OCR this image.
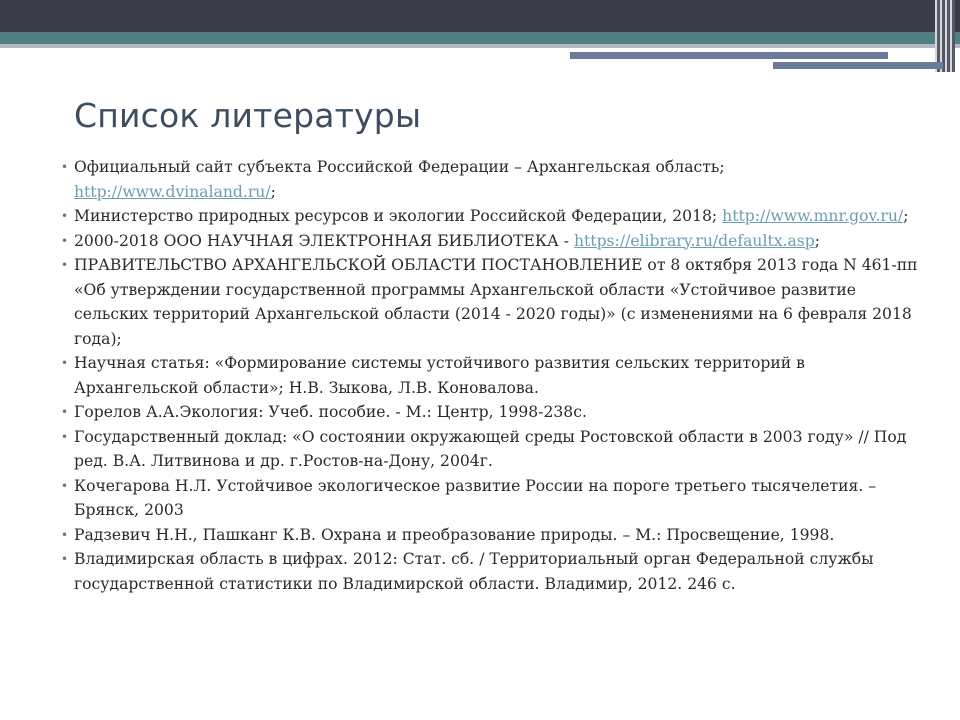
Список литературы
• Официальный сайт субъекта Российской Федерации – Архангельская область; http://www.dvinaland.ru/;
• Министерство природных ресурсов и экологии Российской Федерации, 2018; http://www.mnr.gov.ru/;
• 2000-2018 ООО НАУЧНАЯ ЭЛЕКТРОННАЯ БИБЛИОТЕКА - https://elibrary.ru/defaultx.asp;
• ПРАВИТЕЛЬСТВО АРХАНГЕЛЬСКОЙ ОБЛАСТИ ПОСТАНОВЛЕНИЕ от 8 октября 2013 года N 461-пп «Об утверждении государственной программы Архангельской области «Устойчивое развитие сельских территорий Архангельской области (2014 - 2020 годы)» (с изменениями на 6 февраля 2018 года);
• Научная статья: «Формирование системы устойчивого развития сельских территорий в Архангельской области»; Н.В. Зыкова, Л.В. Коновалова.
• Горелов А.А.Экология: Учеб. пособие. - М.: Центр, 1998-238с.
• Государственный доклад: «О состоянии окружающей среды Ростовской области в 2003 году» // Под ред. В.А. Литвинова и др. г.Ростов-на-Дону, 2004г.
• Кочегарова Н.Л. Устойчивое экологическое развитие России на пороге третьего тысячелетия. – Брянск, 2003
• Радзевич Н.Н., Пашканг К.В. Охрана и преобразование природы. – М.: Просвещение, 1998.
• Владимирская область в цифрах. 2012: Стат. сб. / Территориальный орган Федеральной службы государственной статистики по Владимирской области. Владимир, 2012. 246 с.
